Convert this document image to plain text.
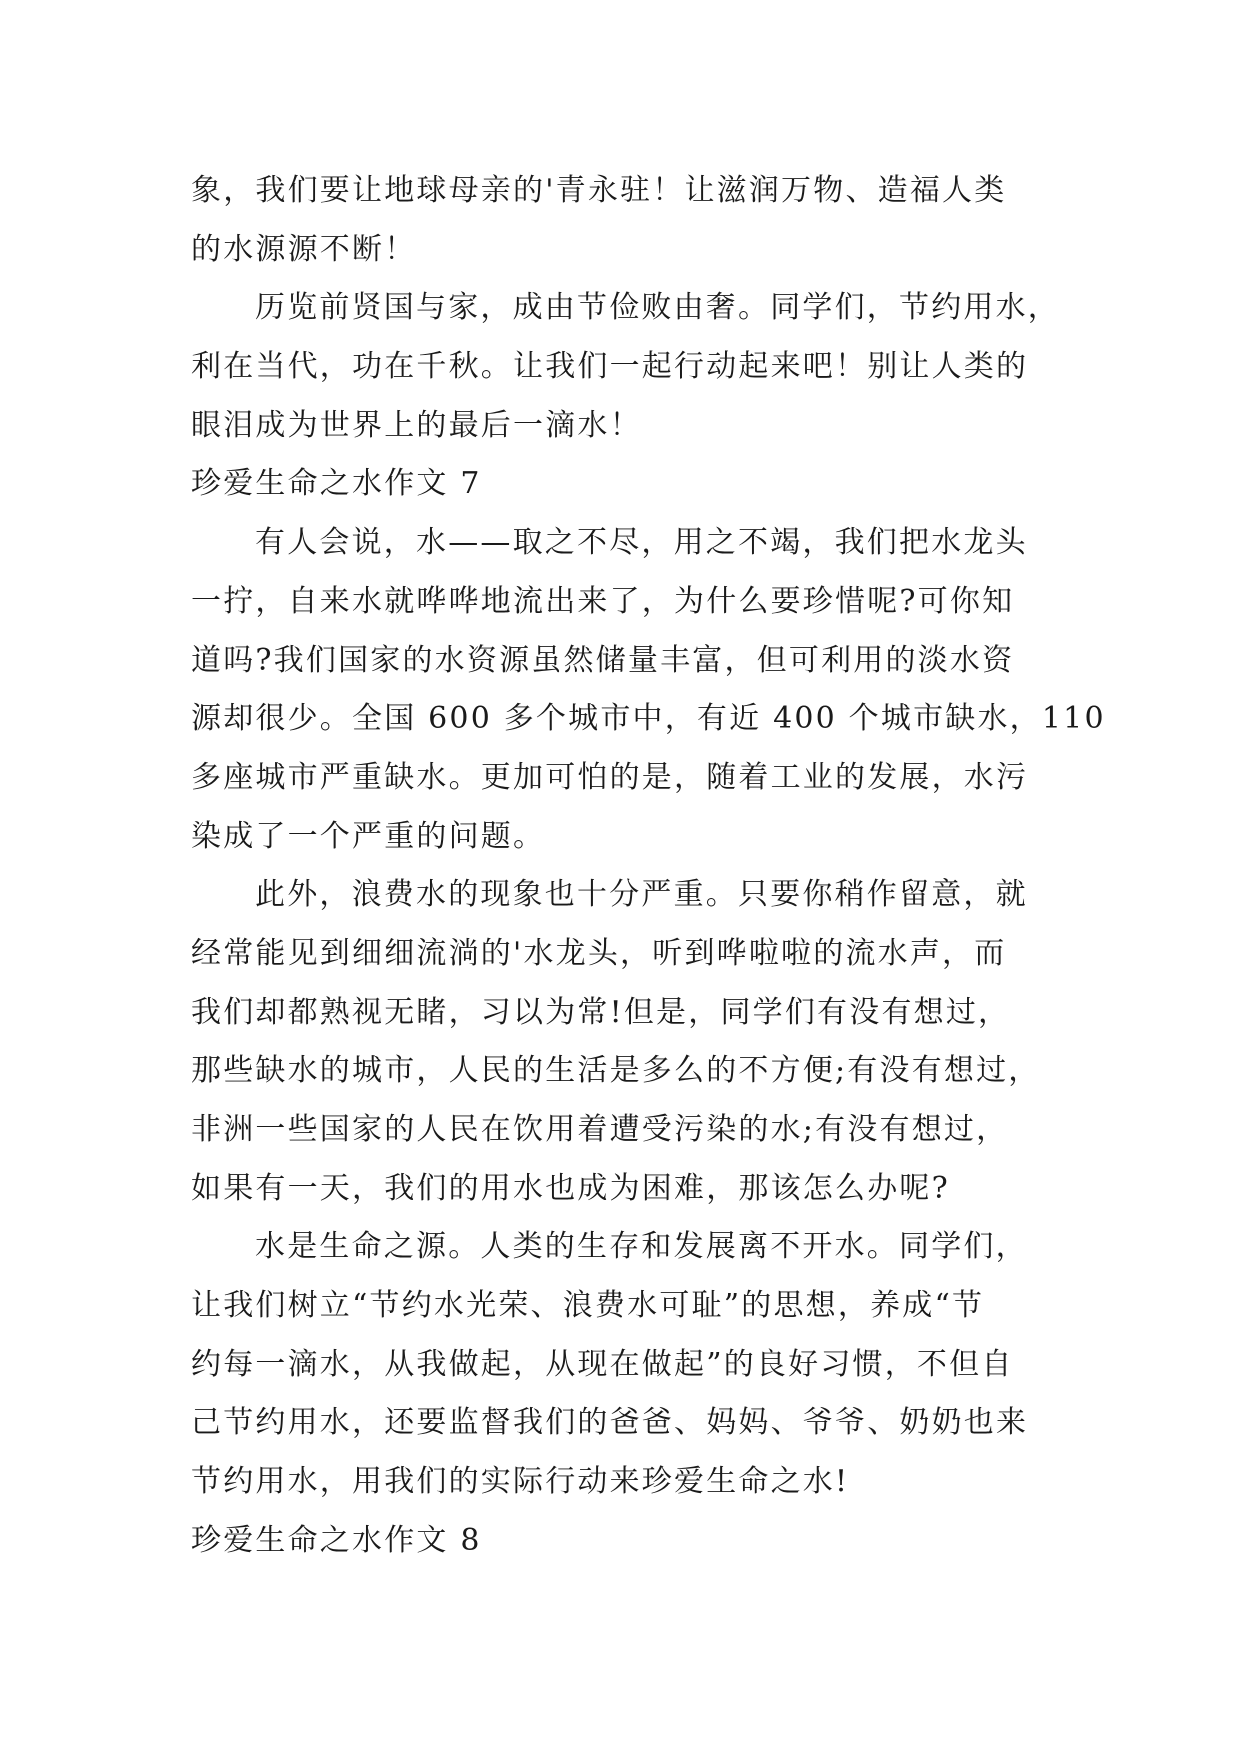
象，我们要让地球母亲的'青永驻！让滋润万物、造福人类
的水源源不断！
历览前贤国与家，成由节俭败由奢。同学们，节约用水，
利在当代，功在千秋。让我们一起行动起来吧！别让人类的
眼泪成为世界上的最后一滴水！
珍爱生命之水作文 7
有人会说，水——取之不尽，用之不竭，我们把水龙头
一拧，自来水就哗哗地流出来了，为什么要珍惜呢?可你知
道吗?我们国家的水资源虽然储量丰富，但可利用的淡水资
源却很少。全国 600 多个城市中，有近 400 个城市缺水，110
多座城市严重缺水。更加可怕的是，随着工业的发展，水污
染成了一个严重的问题。
此外，浪费水的现象也十分严重。只要你稍作留意，就
经常能见到细细流淌的'水龙头，听到哗啦啦的流水声，而
我们却都熟视无睹，习以为常!但是，同学们有没有想过，
那些缺水的城市，人民的生活是多么的不方便;有没有想过，
非洲一些国家的人民在饮用着遭受污染的水;有没有想过，
如果有一天，我们的用水也成为困难，那该怎么办呢?
水是生命之源。人类的生存和发展离不开水。同学们，
让我们树立“节约水光荣、浪费水可耻”的思想，养成“节
约每一滴水，从我做起，从现在做起”的良好习惯，不但自
己节约用水，还要监督我们的爸爸、妈妈、爷爷、奶奶也来
节约用水，用我们的实际行动来珍爱生命之水!
珍爱生命之水作文 8
